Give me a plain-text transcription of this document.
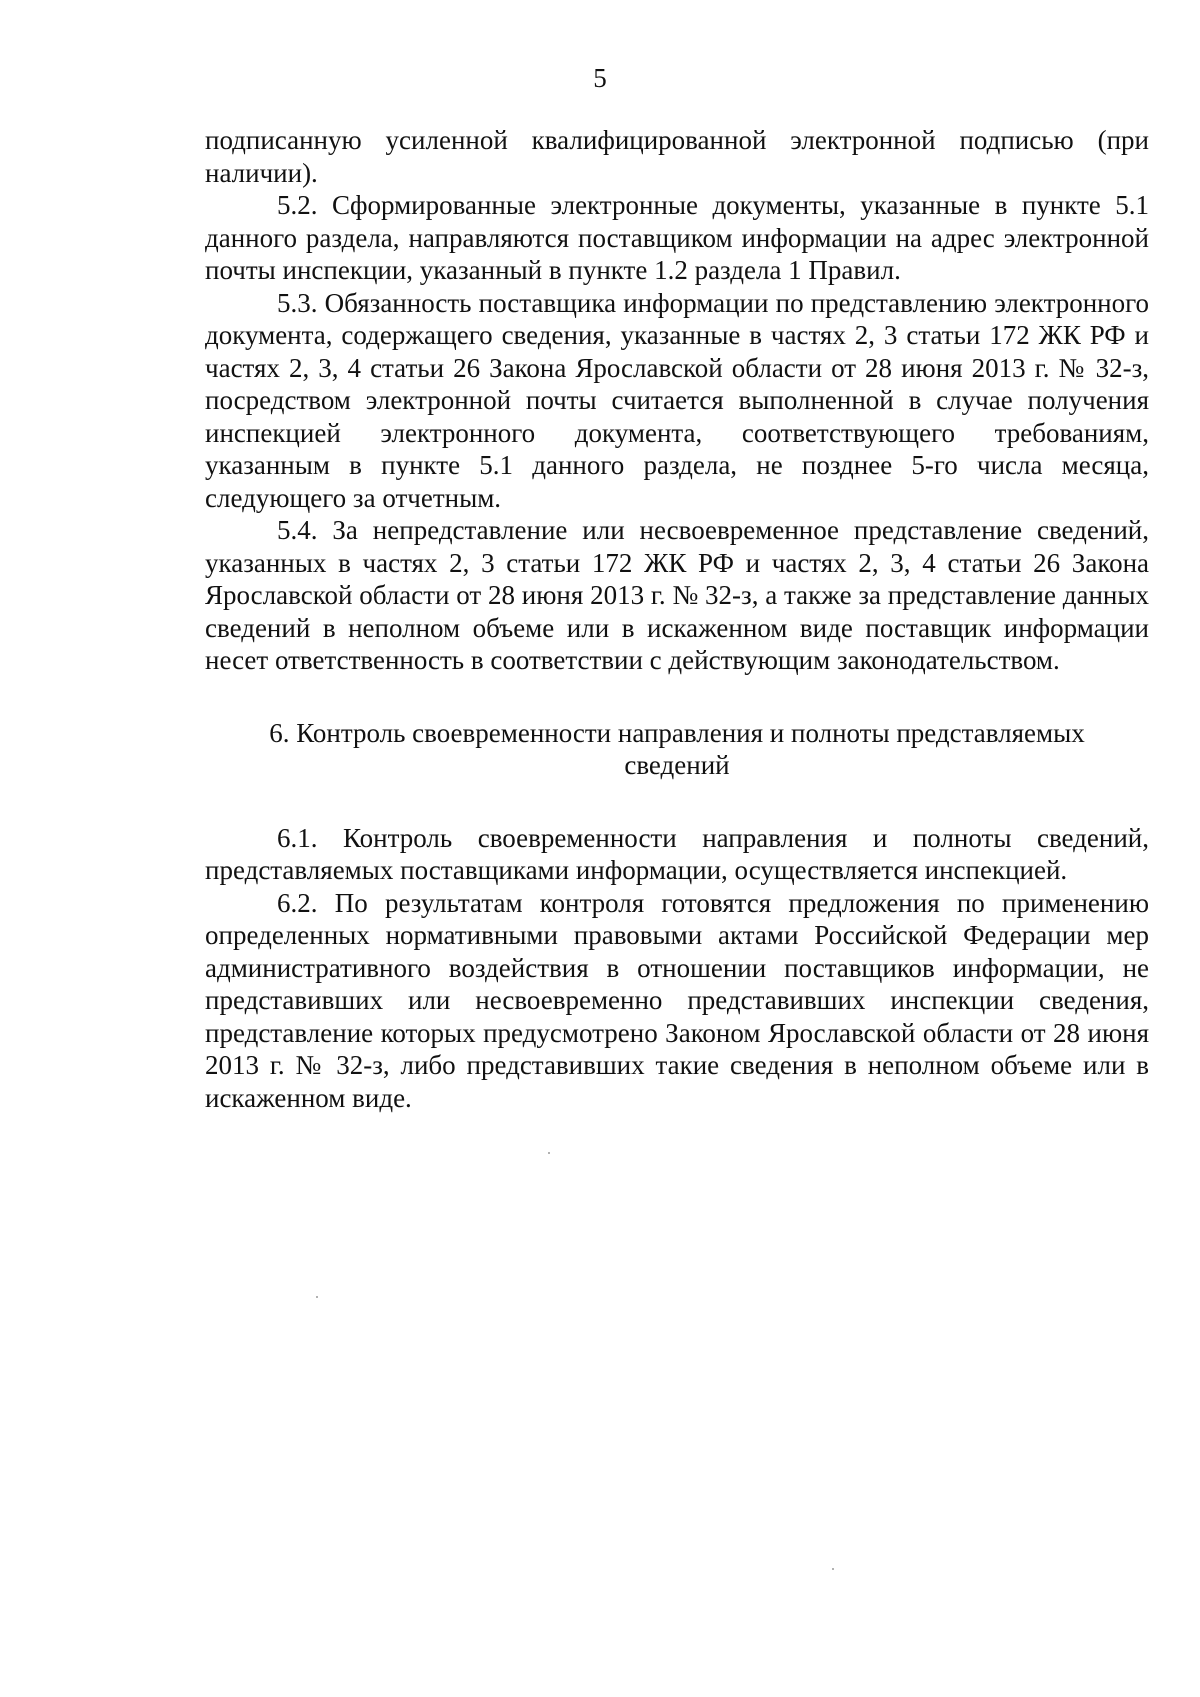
5

подписанную усиленной квалифицированной электронной подписью (при наличии).

5.2. Сформированные электронные документы, указанные в пункте 5.1 данного раздела, направляются поставщиком информации на адрес электронной почты инспекции, указанный в пункте 1.2 раздела 1 Правил.

5.3. Обязанность поставщика информации по представлению электронного документа, содержащего сведения, указанные в частях 2, 3 статьи 172 ЖК РФ и частях 2, 3, 4 статьи 26 Закона Ярославской области от 28 июня 2013 г. № 32-з, посредством электронной почты считается выполненной в случае получения инспекцией электронного документа, соответствующего требованиям, указанным в пункте 5.1 данного раздела, не позднее 5-го числа месяца, следующего за отчетным.

5.4. За непредставление или несвоевременное представление сведений, указанных в частях 2, 3 статьи 172 ЖК РФ и частях 2, 3, 4 статьи 26 Закона Ярославской области от 28 июня 2013 г. № 32-з, а также за представление данных сведений в неполном объеме или в искаженном виде поставщик информации несет ответственность в соответствии с действующим законодательством.

6. Контроль своевременности направления и полноты представляемых сведений

6.1. Контроль своевременности направления и полноты сведений, представляемых поставщиками информации, осуществляется инспекцией.

6.2. По результатам контроля готовятся предложения по применению определенных нормативными правовыми актами Российской Федерации мер административного воздействия в отношении поставщиков информации, не представивших или несвоевременно представивших инспекции сведения, представление которых предусмотрено Законом Ярославской области от 28 июня 2013 г. № 32-з, либо представивших такие сведения в неполном объеме или в искаженном виде.
